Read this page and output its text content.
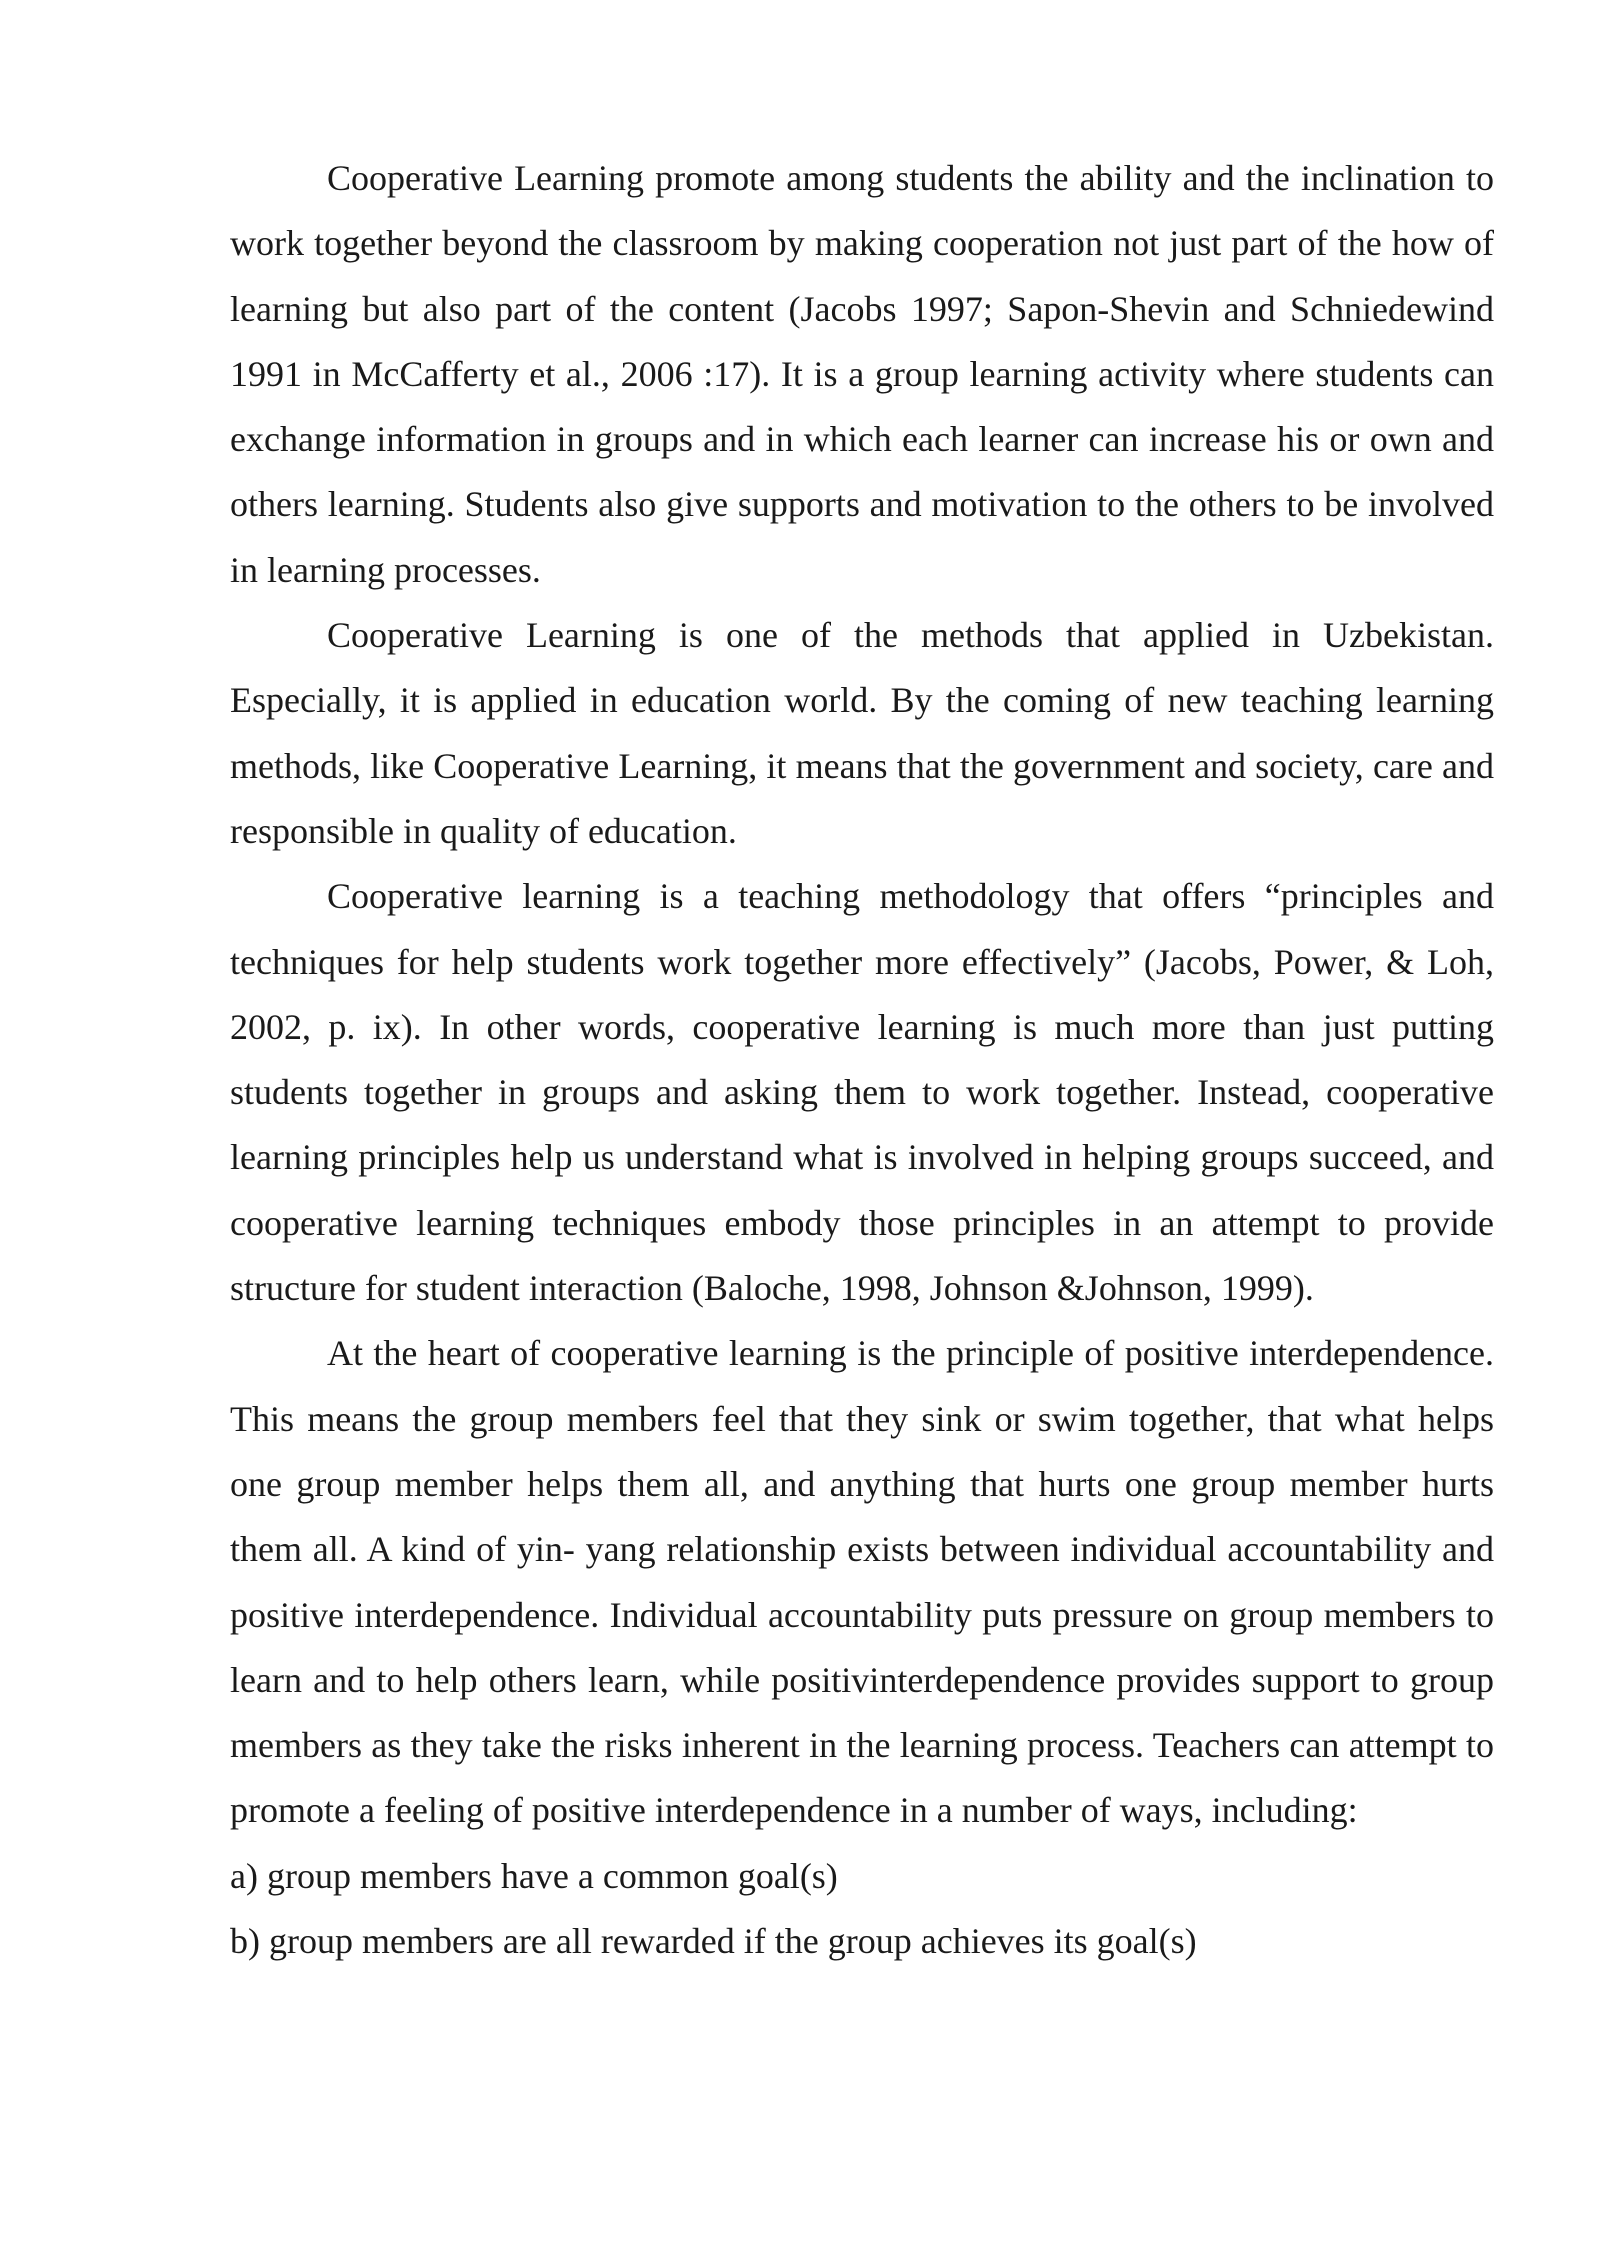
Cooperative Learning promote among students the ability and the inclination to work together beyond the classroom by making cooperation not just part of the how of learning but also part of the content (Jacobs 1997; Sapon-Shevin and Schniedewind 1991 in McCafferty et al., 2006 :17). It is a group learning activity where students can exchange information in groups and in which each learner can increase his or own and others learning. Students also give supports and motivation to the others to be involved in learning processes.

Cooperative Learning is one of the methods that applied in Uzbekistan. Especially, it is applied in education world. By the coming of new teaching learning methods, like Cooperative Learning, it means that the government and society, care and responsible in quality of education.

Cooperative learning is a teaching methodology that offers “principles and techniques for help students work together more effectively” (Jacobs, Power, & Loh, 2002, p. ix). In other words, cooperative learning is much more than just putting students together in groups and asking them to work together. Instead, cooperative learning principles help us understand what is involved in helping groups succeed, and cooperative learning techniques embody those principles in an attempt to provide structure for student interaction (Baloche, 1998, Johnson &Johnson, 1999).

At the heart of cooperative learning is the principle of positive interdependence. This means the group members feel that they sink or swim together, that what helps one group member helps them all, and anything that hurts one group member hurts them all. A kind of yin- yang relationship exists between individual accountability and positive interdependence. Individual accountability puts pressure on group members to learn and to help others learn, while positivinterdependence provides support to group members as they take the risks inherent in the learning process. Teachers can attempt to promote a feeling of positive interdependence in a number of ways, including:

a) group members have a common goal(s)

b) group members are all rewarded if the group achieves its goal(s)
